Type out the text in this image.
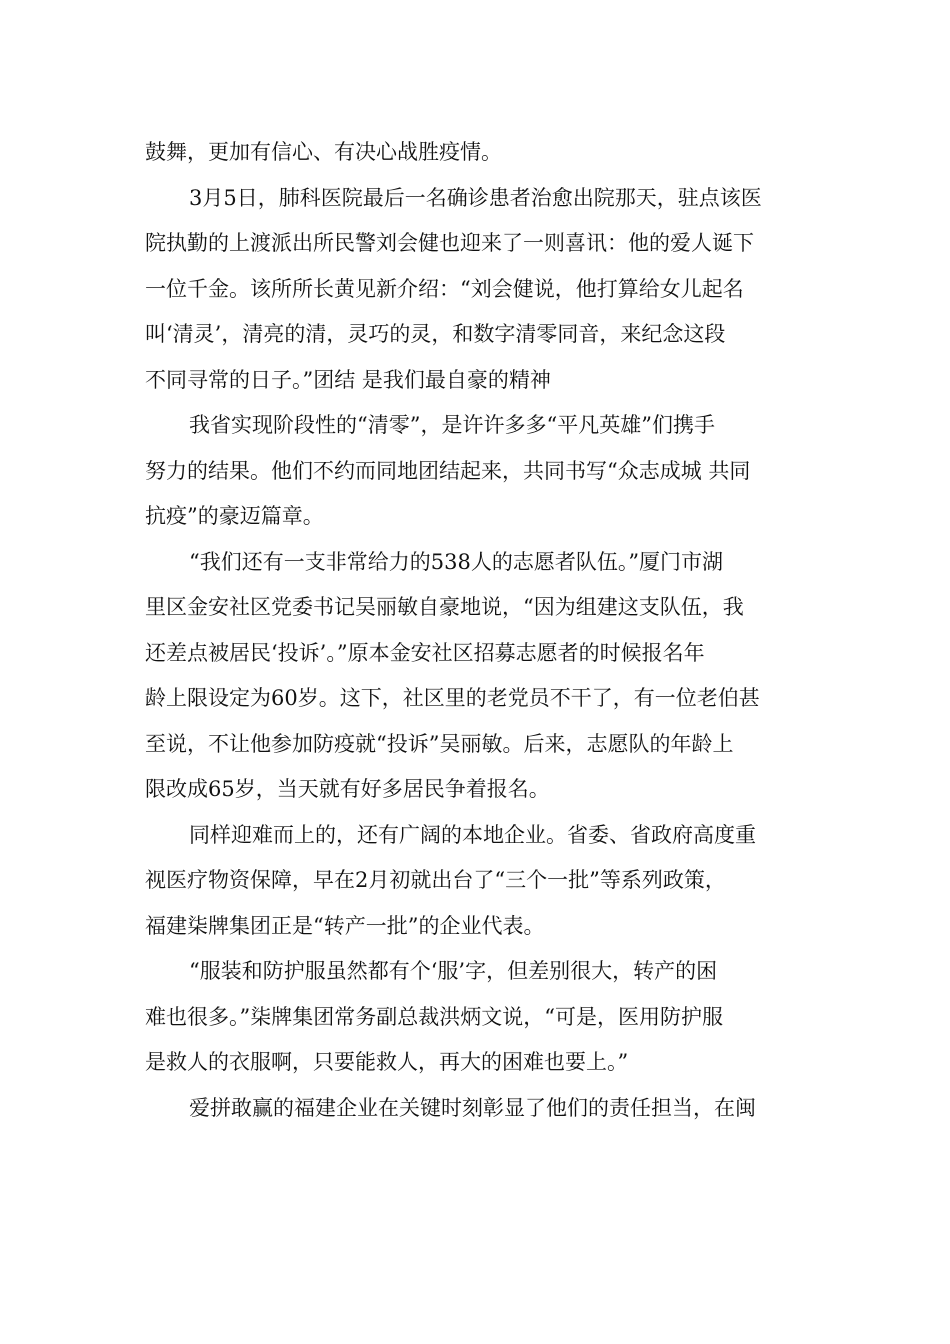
鼓舞，更加有信心、有决心战胜疫情。
3月5日，肺科医院最后一名确诊患者治愈出院那天，驻点该医
院执勤的上渡派出所民警刘会健也迎来了一则喜讯：他的爱人诞下
一位千金。该所所长黄见新介绍：“刘会健说，他打算给女儿起名
叫‘清灵’，清亮的清，灵巧的灵，和数字清零同音，来纪念这段
不同寻常的日子。”团结 是我们最自豪的精神
我省实现阶段性的“清零”，是许许多多“平凡英雄”们携手
努力的结果。他们不约而同地团结起来，共同书写“众志成城 共同
抗疫”的豪迈篇章。
“我们还有一支非常给力的538人的志愿者队伍。”厦门市湖
里区金安社区党委书记吴丽敏自豪地说，“因为组建这支队伍，我
还差点被居民‘投诉’。”原本金安社区招募志愿者的时候报名年
龄上限设定为60岁。这下，社区里的老党员不干了，有一位老伯甚
至说，不让他参加防疫就“投诉”吴丽敏。后来，志愿队的年龄上
限改成65岁，当天就有好多居民争着报名。
同样迎难而上的，还有广阔的本地企业。省委、省政府高度重
视医疗物资保障，早在2月初就出台了“三个一批”等系列政策，
福建柒牌集团正是“转产一批”的企业代表。
“服装和防护服虽然都有个‘服’字，但差别很大，转产的困
难也很多。”柒牌集团常务副总裁洪炳文说，“可是，医用防护服
是救人的衣服啊，只要能救人，再大的困难也要上。”
爱拼敢赢的福建企业在关键时刻彰显了他们的责任担当，在闽
